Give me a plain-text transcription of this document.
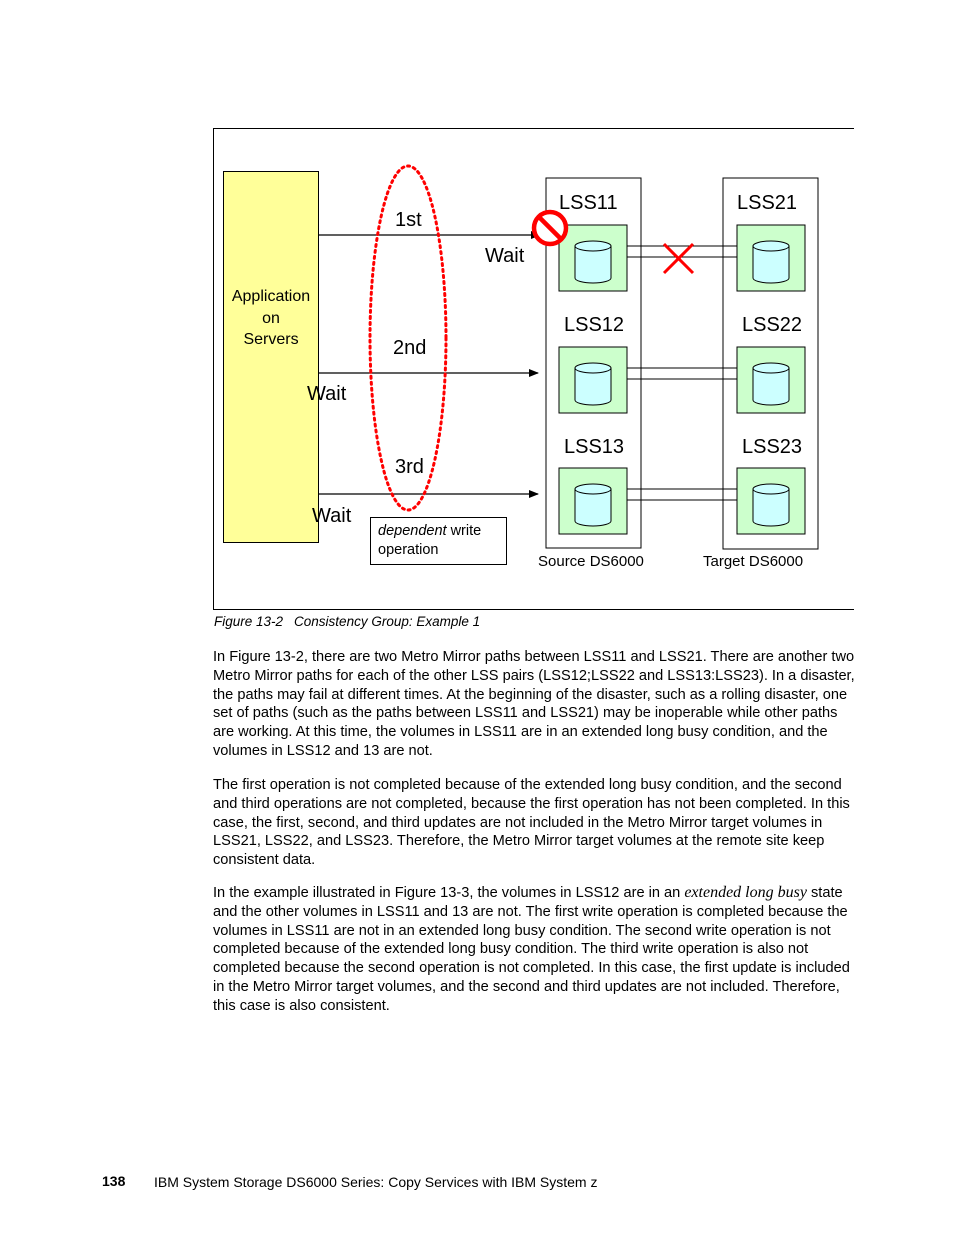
Application
on
Servers
1st
2nd
3rd
Wait
Wait
Wait
LSS11
LSS12
LSS13
LSS21
LSS22
LSS23
dependent write
operation
Source DS6000	Target DS6000
Figure 13-2 Consistency Group: Example 1
In Figure 13-2, there are two Metro Mirror paths between LSS11 and LSS21. There are another two Metro Mirror paths for each of the other LSS pairs (LSS12;LSS22 and LSS13:LSS23). In a disaster, the paths may fail at different times. At the beginning of the disaster, such as a rolling disaster, one set of paths (such as the paths between LSS11 and LSS21) may be inoperable while other paths are working. At this time, the volumes in LSS11 are in an extended long busy condition, and the volumes in LSS12 and 13 are not.
The first operation is not completed because of the extended long busy condition, and the second and third operations are not completed, because the first operation has not been completed. In this case, the first, second, and third updates are not included in the Metro Mirror target volumes in LSS21, LSS22, and LSS23. Therefore, the Metro Mirror target volumes at the remote site keep consistent data.
In the example illustrated in Figure 13-3, the volumes in LSS12 are in an extended long busy state and the other volumes in LSS11 and 13 are not. The first write operation is completed because the volumes in LSS11 are not in an extended long busy condition. The second write operation is not completed because of the extended long busy condition. The third write operation is also not completed because the second operation is not completed. In this case, the first update is included in the Metro Mirror target volumes, and the second and third updates are not included. Therefore, this case is also consistent.
138 IBM System Storage DS6000 Series: Copy Services with IBM System z
